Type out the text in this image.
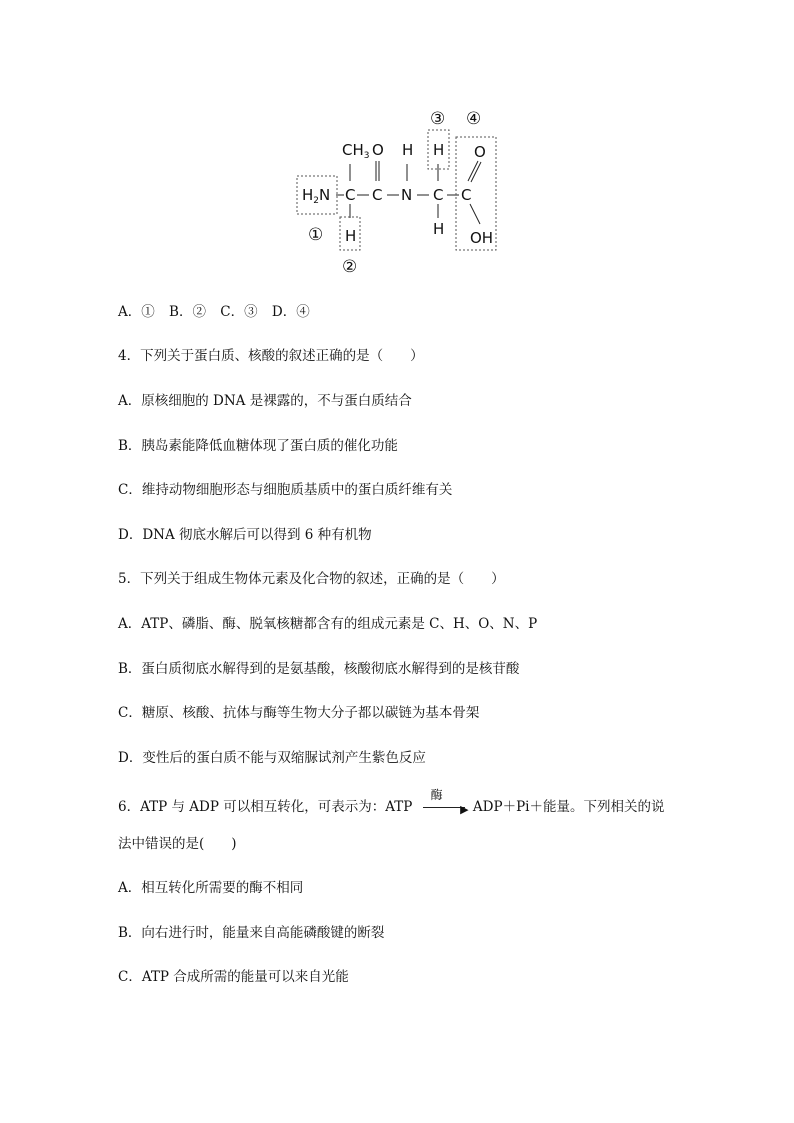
$CH_3$ O H H O
$H_2N$ C C N C C
H	H OH
①
②
③ ④
A．① B．② C．③ D．④
4．下列关于蛋白质、核酸的叙述正确的是（　　）
A．原核细胞的 DNA 是裸露的，不与蛋白质结合
B．胰岛素能降低血糖体现了蛋白质的催化功能
C．维持动物细胞形态与细胞质基质中的蛋白质纤维有关
D．DNA 彻底水解后可以得到 6 种有机物
5．下列关于组成生物体元素及化合物的叙述，正确的是（　　）
A．ATP、磷脂、酶、脱氧核糖都含有的组成元素是 C、H、O、N、P
B．蛋白质彻底水解得到的是氨基酸，核酸彻底水解得到的是核苷酸
C．糖原、核酸、抗体与酶等生物大分子都以碳链为基本骨架
D．变性后的蛋白质不能与双缩脲试剂产生紫色反应
6．ATP 与 ADP 可以相互转化，可表示为：ATP
酶
▶ ADP＋Pi＋能量。下列相关的说
法中错误的是(　　)
A．相互转化所需要的酶不相同
B．向右进行时，能量来自高能磷酸键的断裂
C．ATP 合成所需的能量可以来自光能
